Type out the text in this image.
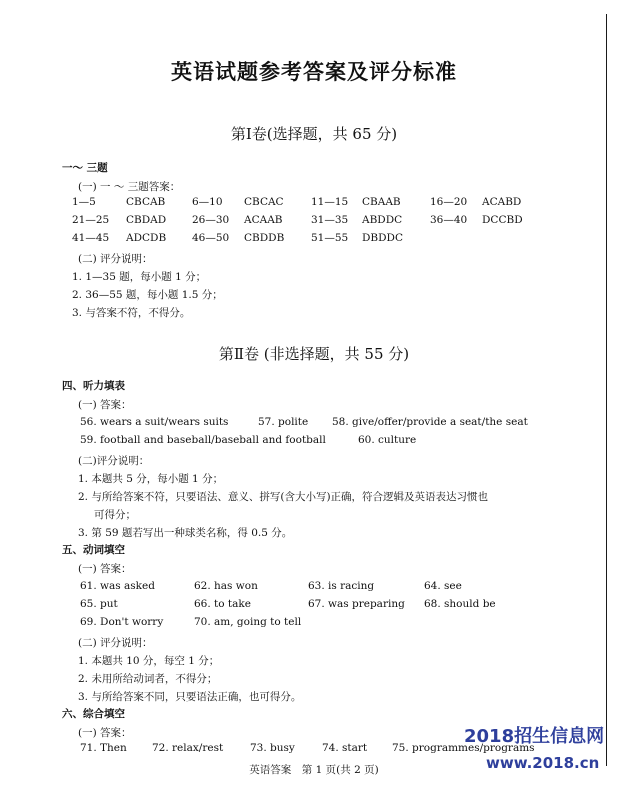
英语试题参考答案及评分标准
第Ⅰ卷(选择题，共 65 分)
一～ 三题
(一) 一 ～ 三题答案：
1—5	CBCAB	6—10 CBCAC	11—15 CBAAB	16—20 ACABD
21—25 CBDAD 26—30 ACAAB	31—35 ABDDC	36—40 DCCBD
41—45 ADCDB 46—50 CBDDB	51—55 DBDDC
(二) 评分说明：
1. 1—35 题，每小题 1 分；
2. 36—55 题，每小题 1.5 分；
3. 与答案不符，不得分。
第Ⅱ卷 (非选择题，共 55 分)
四、听力填表
(一) 答案：
56. wears a suit/wears suits	57. polite 58. give/offer/provide a seat/the seat
59. football and baseball/baseball and football	60. culture
(二)评分说明：
1. 本题共 5 分，每小题 1 分；
2. 与所给答案不符，只要语法、意义、拼写(含大小写)正确，符合逻辑及英语表达习惯也
可得分；
3. 第 59 题若写出一种球类名称，得 0.5 分。
五、动词填空
(一) 答案：
61. was asked	62. has won	63. is racing	64. see
65. put	66. to take	67. was preparing 68. should be
69. Don't worry	70. am, going to tell
(二) 评分说明：
1. 本题共 10 分，每空 1 分；
2. 未用所给动词者，不得分；
3. 与所给答案不同，只要语法正确，也可得分。
六、综合填空
(一) 答案：
71. Then 72. relax/rest	73. busy	74. start 75. programmes/programs
2018招生信息网
www.2018.cn
英语答案　第 1 页(共 2 页)
